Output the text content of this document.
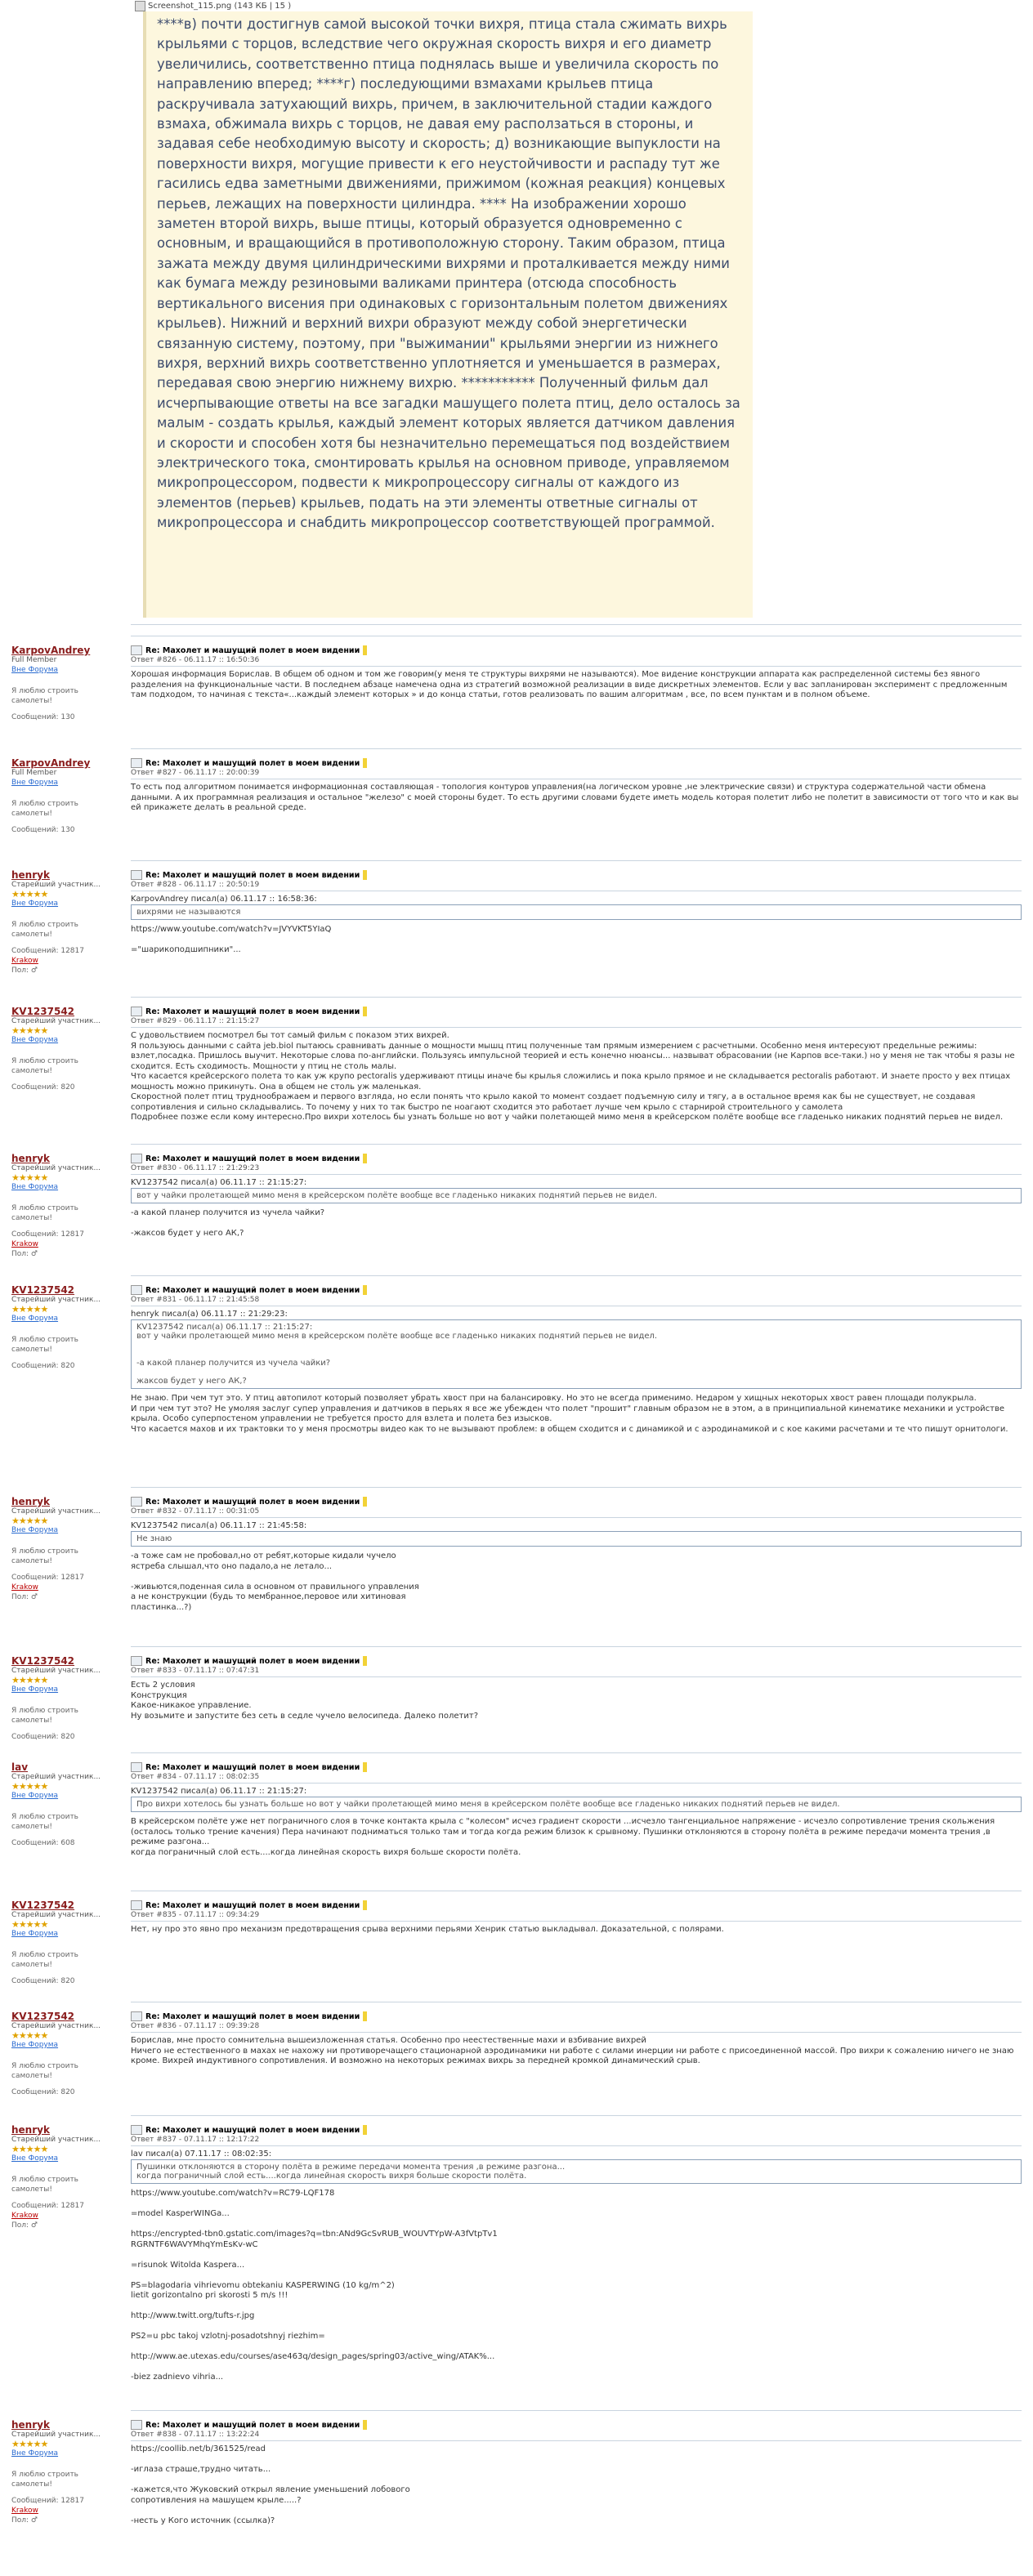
Screenshot_115.png (143 КБ | 15 )
****в) почти достигнув самой высокой точки вихря, птица стала сжимать вихрь крыльями с торцов, вследствие чего окружная скорость вихря и его диаметр увеличились, соответственно птица поднялась выше и увеличила скорость по направлению вперед; ****г) последующими взмахами крыльев птица раскручивала затухающий вихрь, причем, в заключительной стадии каждого взмаха, обжимала вихрь с торцов, не давая ему расползаться в стороны, и задавая себе необходимую высоту и скорость; д) возникающие выпуклости на поверхности вихря, могущие привести к его неустойчивости и распаду тут же гасились едва заметными движениями, прижимом (кожная реакция) концевых перьев, лежащих на поверхности цилиндра. **** На изображении хорошо заметен второй вихрь, выше птицы, который образуется одновременно с основным, и вращающийся в противоположную сторону. Таким образом, птица зажата между двумя цилиндрическими вихрями и проталкивается между ними как бумага между резиновыми валиками принтера (отсюда способность вертикального висения при одинаковых с горизонтальным полетом движениях крыльев). Нижний и верхний вихри образуют между собой энергетически связанную систему, поэтому, при "выжимании" крыльями энергии из нижнего вихря, верхний вихрь соответственно уплотняется и уменьшается в размерах, передавая свою энергию нижнему вихрю. *********** Полученный фильм дал исчерпывающие ответы на все загадки машущего полета птиц, дело осталось за малым - создать крылья, каждый элемент которых является датчиком давления и скорости и способен хотя бы незначительно перемещаться под воздействием электрического тока, смонтировать крылья на основном приводе, управляемом микропроцессором, подвести к микропроцессору сигналы от каждого из элементов (перьев) крыльев, подать на эти элементы ответные сигналы от микропроцессора и снабдить микропроцессор соответствующей программой.
KarpovAndrey
Full Member
Вне Форума
Я люблю строить самолеты!
Сообщений: 130
Re: Махолет и машущий полет в моем видении
Ответ #826 - 06.11.17 :: 16:50:36
Хорошая информация Борислав. В общем об одном и том же говорим(у меня те структуры вихрями не называются). Мое видение конструкции аппарата как распределенной системы без явного разделения на функциональные части. В последнем абзаце намечена одна из стратегий возможной реализации в виде дискретных элементов. Если у вас запланирован эксперимент с предложенным там подходом, то начиная с текста«...каждый элемент которых » и до конца статьи, готов реализовать по вашим алгоритмам , все, по всем пунктам и в полном объеме.
KarpovAndrey
Full Member
Вне Форума
Я люблю строить самолеты!
Сообщений: 130
Re: Махолет и машущий полет в моем видении
Ответ #827 - 06.11.17 :: 20:00:39
То есть под алгоритмом понимается информационная составляющая - топология контуров управления(на логическом уровне ,не электрические связи) и структура содержательной части обмена данными. А их программная реализация и остальное "железо" с моей стороны будет. То есть другими словами будете иметь модель которая полетит либо не полетит в зависимости от того что и как вы ей прикажете делать в реальной среде.
henryk
Старейший участник...
★★★★★
Вне Форума
Я люблю строить самолеты!
Сообщений: 12817
Krakow
Пол: ♂
Re: Махолет и машущий полет в моем видении
Ответ #828 - 06.11.17 :: 20:50:19
KarpovAndrey писал(а) 06.11.17 :: 16:58:36:
вихрями не называются
https://www.youtube.com/watch?v=JVYVKT5YIaQ

="шарикоподшипники"...
KV1237542
Старейший участник...
★★★★★
Вне Форума
Я люблю строить самолеты!
Сообщений: 820
Re: Махолет и машущий полет в моем видении
Ответ #829 - 06.11.17 :: 21:15:27
С удовольствием посмотрел бы тот самый фильм с показом этих вихрей.
Я пользуюсь данными с сайта jeb.biol пытаюсь сравнивать данные о мощности мышц птиц полученные там прямым измерением с расчетными. Особенно меня интересуют предельные режимы: взлет,посадка. Пришлось выучит. Некоторые слова по-английски. Пользуясь импульсной теорией и есть конечно нюансы... назвыват обрасовании (не Карпов все-таки.) но у меня не так чтобы я разы не сходится. Есть сходимость. Мощности у птиц не столь малы.
Что касается крейсерского полета то как уж крупо pectoralis удерживают птицы иначе бы крылья сложились и пока крыло прямое и не складывается pectoralis работают. И знаете просто у вех птицах мощность можно прикинуть. Она в общем не столь уж маленькая.
Скоростной полет птиц трудноображаем и первого взгляда, но если понять что крыло какой то момент создает подъемную силу и тягу, а в остальное время как бы не существует, не создавая сопротивления и сильно складывались. То почему у них то так быстро ne ноагают сходится это работает лучше чем крыло с старнирой строительного у самолета
Подробнее позже если кому интересно.Про вихри хотелось бы узнать больше но вот у чайки полетающей мимо меня в крейсерском полёте вообще все гладенько никаких поднятий перьев не видел.
henryk
Старейший участник...
★★★★★
Вне Форума
Я люблю строить самолеты!
Сообщений: 12817
Krakow
Пол: ♂
Re: Махолет и машущий полет в моем видении
Ответ #830 - 06.11.17 :: 21:29:23
KV1237542 писал(а) 06.11.17 :: 21:15:27:
вот у чайки пролетающей мимо меня в крейсерском полёте вообще все гладенько никаких поднятий перьев не видел.
-а какой планер получится из чучела чайки?

-жаксов будет у него АК,?
KV1237542
Старейший участник...
★★★★★
Вне Форума
Я люблю строить самолеты!
Сообщений: 820
Re: Махолет и машущий полет в моем видении
Ответ #831 - 06.11.17 :: 21:45:58
henryk писал(а) 06.11.17 :: 21:29:23:
KV1237542 писал(а) 06.11.17 :: 21:15:27:
вот у чайки пролетающей мимо меня в крейсерском полёте вообще все гладенько никаких поднятий перьев не видел.

-а какой планер получится из чучела чайки?

жаксов будет у него АК,?
Не знаю. При чем тут это. У птиц автопилот который позволяет убрать хвост при на балансировку. Но это не всегда применимо. Недаром у хищных некоторых хвост равен площади полукрыла.
И при чем тут это? Не умоляя заслуг супер управления и датчиков в перьях я все же убежден что полет "прошит" главным образом не в этом, а в принципиальной кинематике механики и устройстве крыла. Особо суперпостеном управлении не требуется просто для взлета и полета без изысков.
Что касается махов и их трактовки то у меня просмотры видео как то не вызывают проблем: в общем сходится и с динамикой и с аэродинамикой и с кое какими расчетами и те что пишут орнитологи.
henryk
Старейший участник...
★★★★★
Вне Форума
Я люблю строить самолеты!
Сообщений: 12817
Krakow
Пол: ♂
Re: Махолет и машущий полет в моем видении
Ответ #832 - 07.11.17 :: 00:31:05
KV1237542 писал(а) 06.11.17 :: 21:45:58:
Не знаю
-а тоже сам не пробовал,но от ребят,которые кидали чучело
ястреба слышал,что оно падало,а не летало...

-живьются,поденная сила в основном от правильного управления
а не конструкции (будь то мембранное,перовое или хитиновая
пластинка...?)
KV1237542
Старейший участник...
★★★★★
Вне Форума
Я люблю строить самолеты!
Сообщений: 820
Re: Махолет и машущий полет в моем видении
Ответ #833 - 07.11.17 :: 07:47:31
Есть 2 условия
Конструкция
Какое-никакое управление.
Ну возьмите и запустите без сеть в седле чучело велосипеда. Далеко полетит?
lav
Старейший участник...
★★★★★
Вне Форума
Я люблю строить самолеты!
Сообщений: 608
Re: Махолет и машущий полет в моем видении
Ответ #834 - 07.11.17 :: 08:02:35
KV1237542 писал(а) 06.11.17 :: 21:15:27:
Про вихри хотелось бы узнать больше но вот у чайки пролетающей мимо меня в крейсерском полёте вообще все гладенько никаких поднятий перьев не видел.
В крейсерском полёте уже нет пограничного слоя в точке контакта крыла с "колесом" исчез градиент скорости ...исчезло тангенциальное напряжение - исчезло сопротивление трения скольжения (осталось только трение качения) Пера начинают подниматься только там и тогда когда режим близок к срывному. Пушинки отклоняются в сторону полёта в режиме передачи момента трения ,в режиме разгона...
когда пограничный слой есть....когда линейная скорость вихря больше скорости полёта.
KV1237542
Старейший участник...
★★★★★
Вне Форума
Я люблю строить самолеты!
Сообщений: 820
Re: Махолет и машущий полет в моем видении
Ответ #835 - 07.11.17 :: 09:34:29
Нет, ну про это явно про механизм предотвращения срыва верхними перьями Хенрик статью выкладывал. Доказательной, с полярами.
KV1237542
Старейший участник...
★★★★★
Вне Форума
Я люблю строить самолеты!
Сообщений: 820
Re: Махолет и машущий полет в моем видении
Ответ #836 - 07.11.17 :: 09:39:28
Борислав, мне просто сомнительна вышеизложенная статья. Особенно про неестественные махи и взбивание вихрей
Ничего не естественного в махах не нахожу ни противоречащего стационарной аэродинамики ни работе с силами инерции ни работе с присоединенной массой. Про вихри к сожалению ничего не знаю кроме. Вихрей индуктивного сопротивления. И возможно на некоторых режимах вихрь за передней кромкой динамический срыв.
henryk
Старейший участник...
★★★★★
Вне Форума
Я люблю строить самолеты!
Сообщений: 12817
Krakow
Пол: ♂
Re: Махолет и машущий полет в моем видении
Ответ #837 - 07.11.17 :: 12:17:22
lav писал(а) 07.11.17 :: 08:02:35:
Пушинки отклоняются в сторону полёта в режиме передачи момента трения ,в режиме разгона...
когда пограничный слой есть....когда линейная скорость вихря больше скорости полёта.
https://www.youtube.com/watch?v=RC79-LQF178

=model KasperWINGa...

https://encrypted-tbn0.gstatic.com/images?q=tbn:ANd9GcSvRUB_WOUVTYpW-A3fVtpTv1
RGRNTF6WAVYMhqYmEsKv-wC

=risunok Witolda Kaspera...

PS=blagodaria vihrievomu obtekaniu KASPERWING (10 kg/m^2)
lietit gorizontalno pri skorosti 5 m/s !!!

http://www.twitt.org/tufts-r.jpg

PS2=u pbc takoj vzlotnj-posadotshnyj riezhim=

http://www.ae.utexas.edu/courses/ase463q/design_pages/spring03/active_wing/ATAK%...

-biez zadnievo vihria...
henryk
Старейший участник...
★★★★★
Вне Форума
Я люблю строить самолеты!
Сообщений: 12817
Krakow
Пол: ♂
Re: Махолет и машущий полет в моем видении
Ответ #838 - 07.11.17 :: 13:22:24
https://coollib.net/b/361525/read

-иглаза страше,трудно читать...

-кажется,что Жуковский открыл явление уменьшений лобового
сопротивления на машущем крыле.....?

-несть у Кого источник (ссылка)?
